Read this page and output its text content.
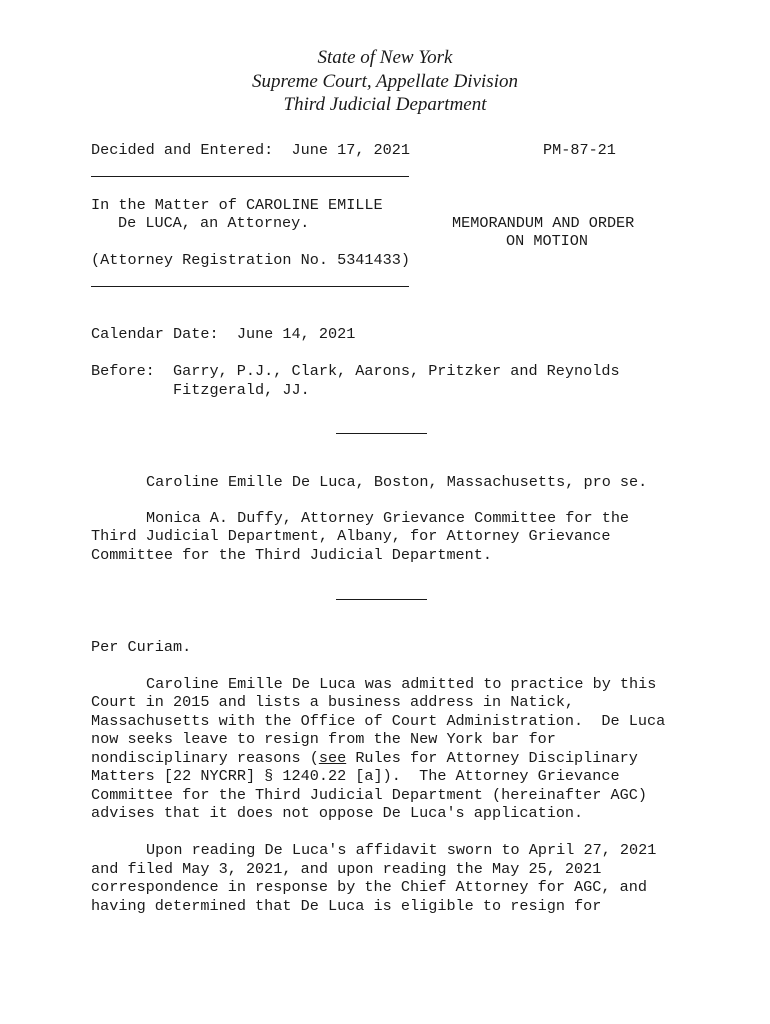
State of New York
Supreme Court, Appellate Division
Third Judicial Department
Decided and Entered: June 17, 2021	PM-87-21
In the Matter of CAROLINE EMILLE
De LUCA, an Attorney.
(Attorney Registration No. 5341433)
MEMORANDUM AND ORDER
ON MOTION
Calendar Date: June 14, 2021
Before: Garry, P.J., Clark, Aarons, Pritzker and Reynolds
Fitzgerald, JJ.
Caroline Emille De Luca, Boston, Massachusetts, pro se.
Monica A. Duffy, Attorney Grievance Committee for the
Third Judicial Department, Albany, for Attorney Grievance
Committee for the Third Judicial Department.
Per Curiam.
Caroline Emille De Luca was admitted to practice by this
Court in 2015 and lists a business address in Natick,
Massachusetts with the Office of Court Administration.  De Luca
now seeks leave to resign from the New York bar for
nondisciplinary reasons (see Rules for Attorney Disciplinary
Matters [22 NYCRR] § 1240.22 [a]).  The Attorney Grievance
Committee for the Third Judicial Department (hereinafter AGC)
advises that it does not oppose De Luca's application.
Upon reading De Luca's affidavit sworn to April 27, 2021
and filed May 3, 2021, and upon reading the May 25, 2021
correspondence in response by the Chief Attorney for AGC, and
having determined that De Luca is eligible to resign for
